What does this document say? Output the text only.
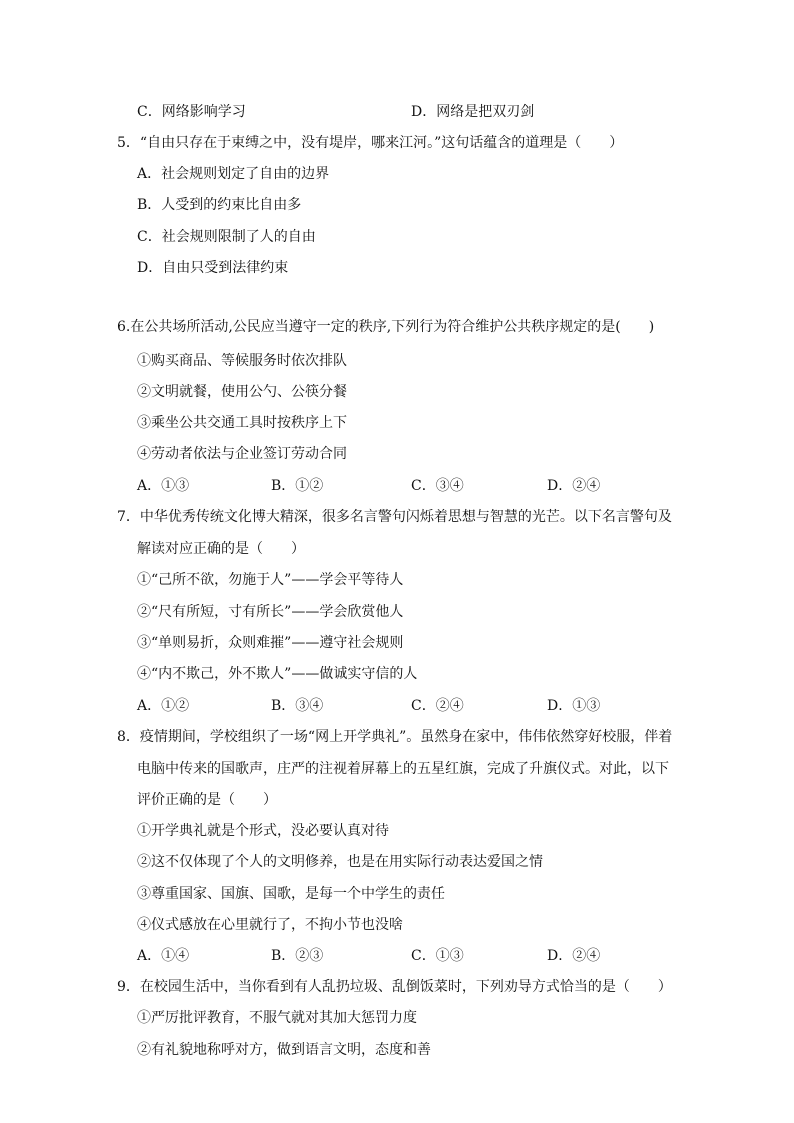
C．网络影响学习	D．网络是把双刃剑
5．“自由只存在于束缚之中，没有堤岸，哪来江河。”这句话蕴含的道理是（　　）
A．社会规则划定了自由的边界
B．人受到的约束比自由多
C．社会规则限制了人的自由
D．自由只受到法律约束
6.在公共场所活动,公民应当遵守一定的秩序,下列行为符合维护公共秩序规定的是(　　)
①购买商品、等候服务时依次排队
②文明就餐，使用公勺、公筷分餐
③乘坐公共交通工具时按秩序上下
④劳动者依法与企业签订劳动合同
A．①③	B．①②	C．③④	D．②④
7．中华优秀传统文化博大精深，很多名言警句闪烁着思想与智慧的光芒。以下名言警句及
解读对应正确的是（　　）
①“己所不欲，勿施于人”——学会平等待人
②“尺有所短，寸有所长”——学会欣赏他人
③“单则易折，众则难摧”——遵守社会规则
④“内不欺己，外不欺人”——做诚实守信的人
A．①②	B．③④	C．②④	D．①③
8．疫情期间，学校组织了一场“网上开学典礼”。虽然身在家中，伟伟依然穿好校服，伴着
电脑中传来的国歌声，庄严的注视着屏幕上的五星红旗，完成了升旗仪式。对此，以下
评价正确的是（　　）
①开学典礼就是个形式，没必要认真对待
②这不仅体现了个人的文明修养，也是在用实际行动表达爱国之情
③尊重国家、国旗、国歌，是每一个中学生的责任
④仪式感放在心里就行了，不拘小节也没啥
A．①④	B．②③	C．①③	D．②④
9．在校园生活中，当你看到有人乱扔垃圾、乱倒饭菜时，下列劝导方式恰当的是（　　）
①严厉批评教育，不服气就对其加大惩罚力度
②有礼貌地称呼对方，做到语言文明，态度和善
